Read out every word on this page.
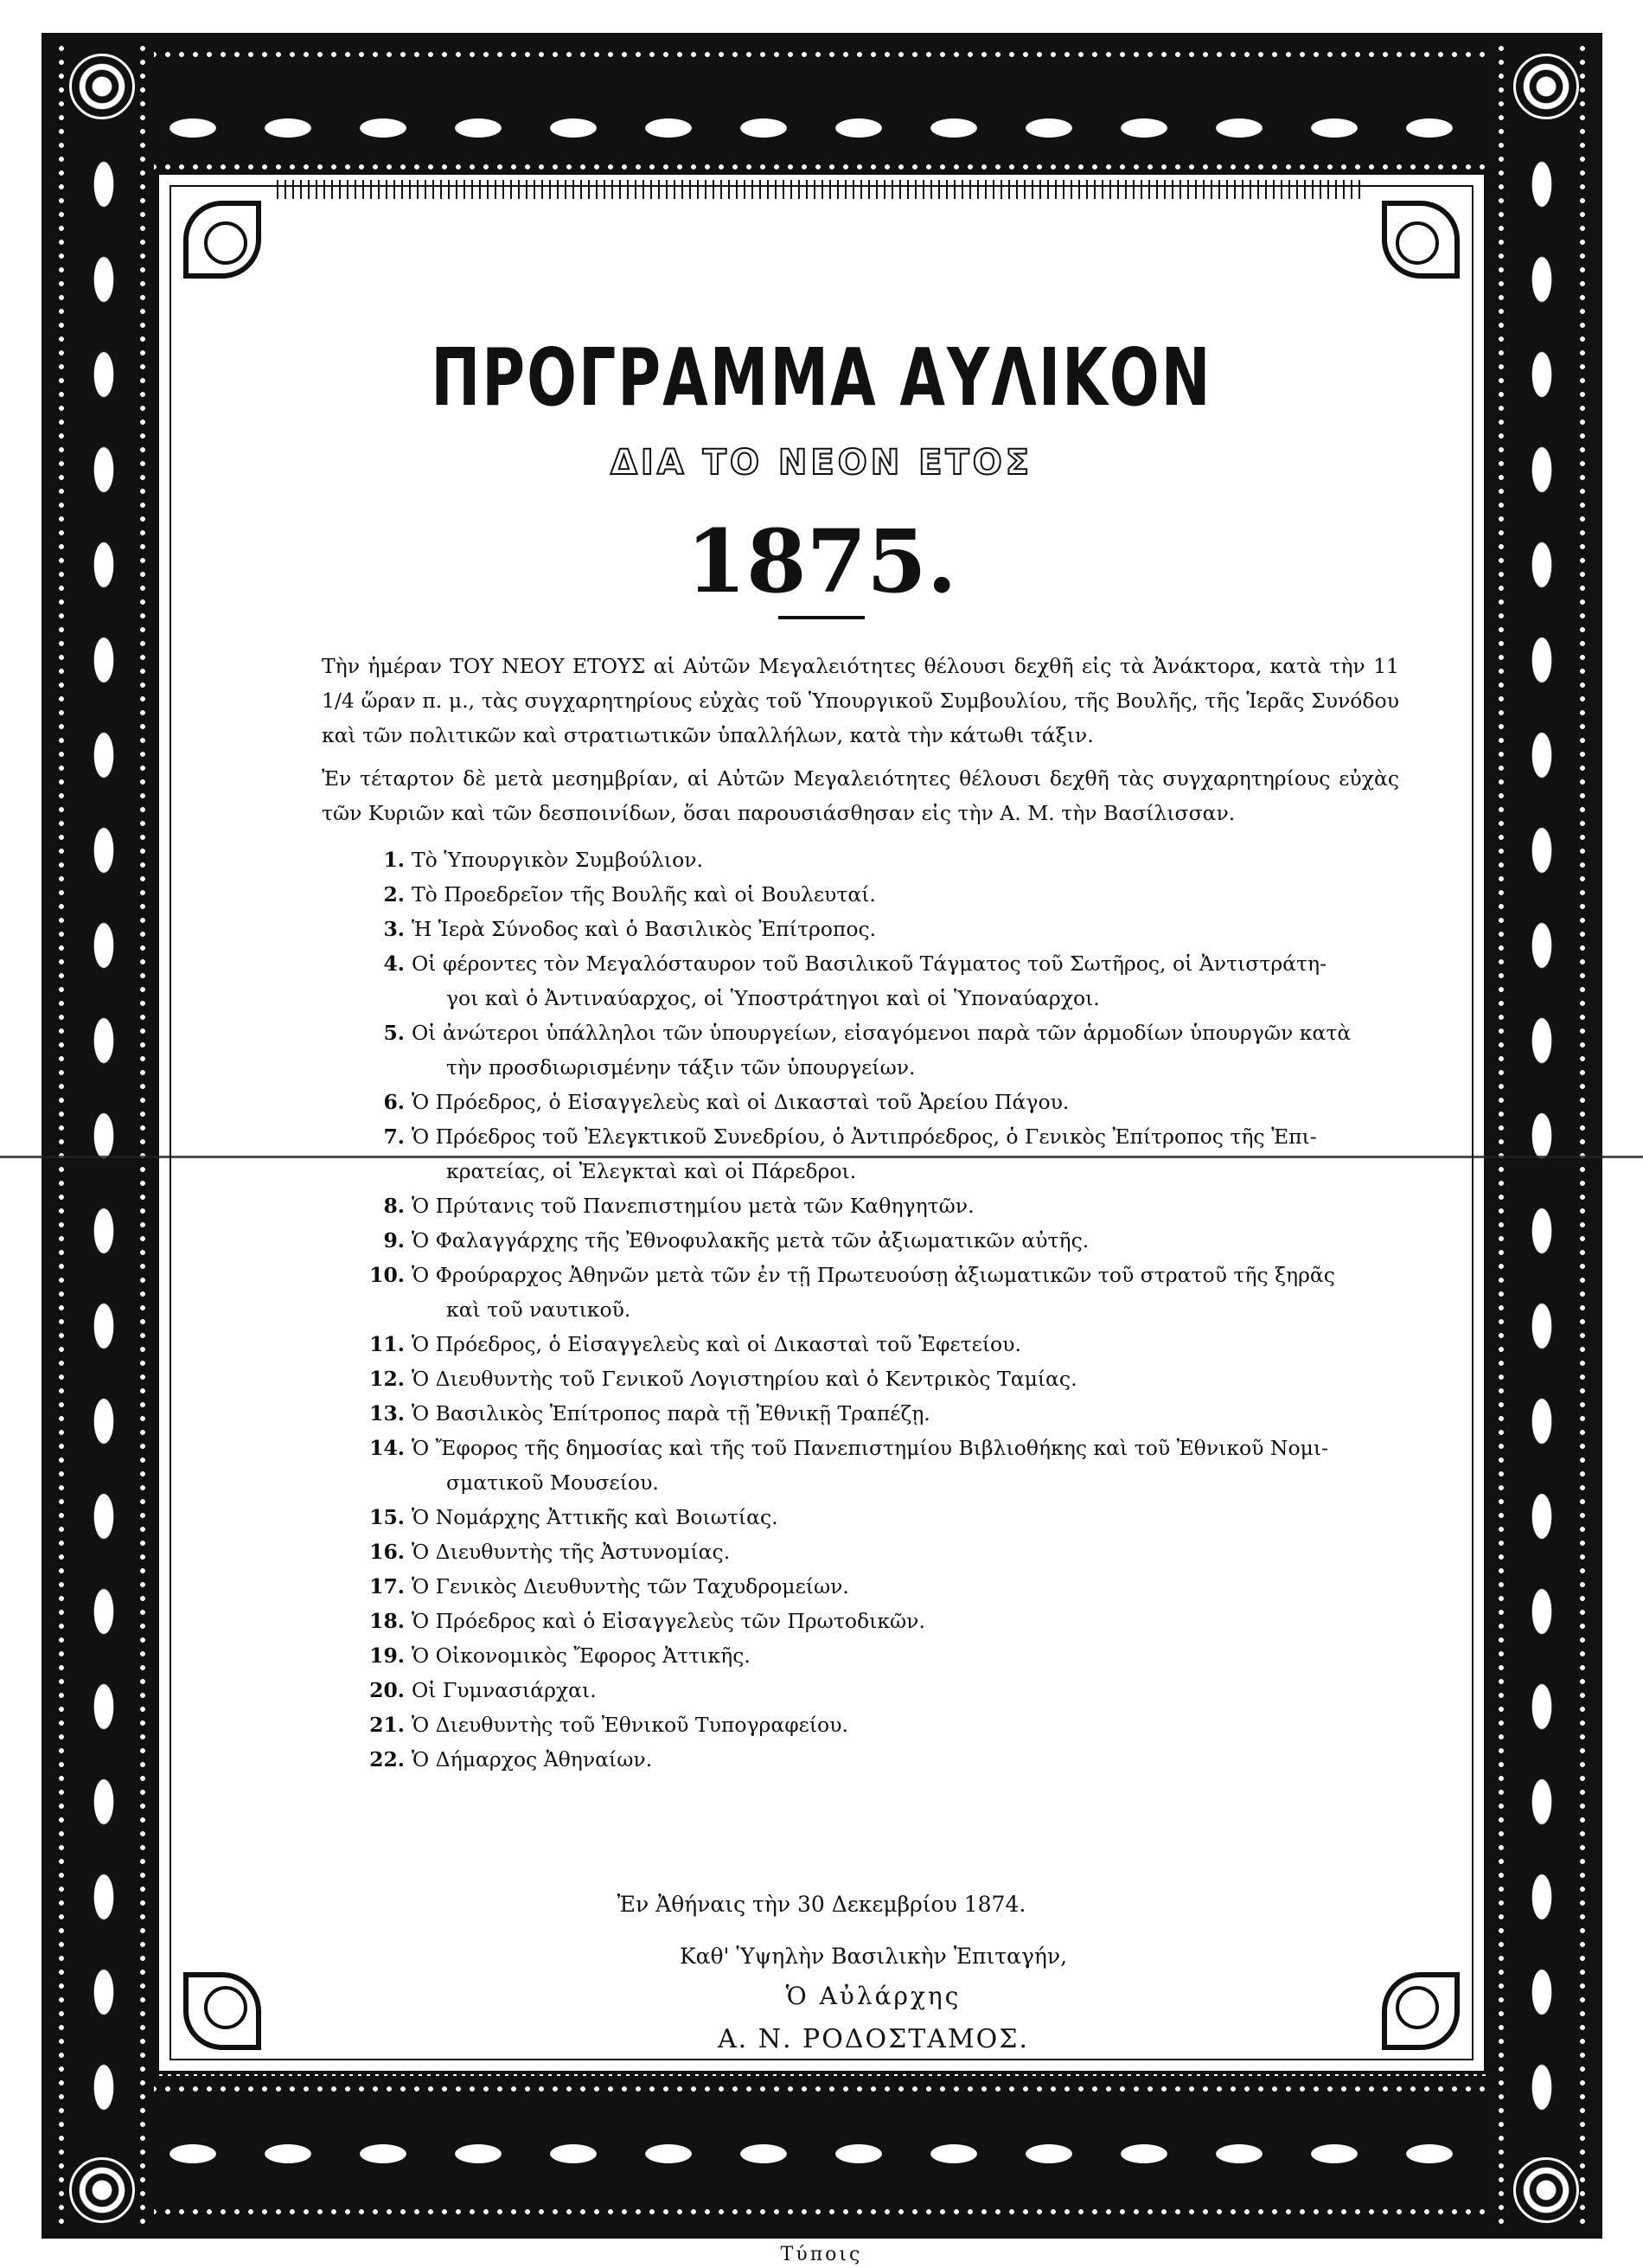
ΠΡΟΓΡΑΜΜΑ ΑΥΛΙΚΟΝ
ΔΙΑ ΤΟ ΝΕΟΝ ΕΤΟΣ
1875.
Τὴν ἡμέραν ΤΟΥ ΝΕΟΥ ΕΤΟΥΣ αἱ Αὐτῶν Μεγαλειότητες θέλουσι δεχθῆ εἰς τὰ Ἀνάκτορα, κατὰ τὴν 11 1/4 ὥραν π. μ., τὰς συγχαρητηρίους εὐχὰς τοῦ Ὑπουργικοῦ Συμβουλίου, τῆς Βουλῆς, τῆς Ἱερᾶς Συνόδου καὶ τῶν πολιτικῶν καὶ στρατιωτικῶν ὑπαλλήλων, κατὰ τὴν κάτωθι τάξιν.
Ἐν τέταρτον δὲ μετὰ μεσημβρίαν, αἱ Αὐτῶν Μεγαλειότητες θέλουσι δεχθῆ τὰς συγχαρητηρίους εὐχὰς τῶν Κυριῶν καὶ τῶν δεσποινίδων, ὅσαι παρουσιάσθησαν εἰς τὴν Α. Μ. τὴν Βασίλισσαν.
1. Τὸ Ὑπουργικὸν Συμβούλιον.
2. Τὸ Προεδρεῖον τῆς Βουλῆς καὶ οἱ Βουλευταί.
3. Ἡ Ἱερὰ Σύνοδος καὶ ὁ Βασιλικὸς Ἐπίτροπος.
4. Οἱ φέροντες τὸν Μεγαλόσταυρον τοῦ Βασιλικοῦ Τάγματος τοῦ Σωτῆρος, οἱ Ἀντιστράτη-
γοι καὶ ὁ Ἀντιναύαρχος, οἱ Ὑποστράτηγοι καὶ οἱ Ὑποναύαρχοι.
5. Οἱ ἀνώτεροι ὑπάλληλοι τῶν ὑπουργείων, εἰσαγόμενοι παρὰ τῶν ἁρμοδίων ὑπουργῶν κατὰ
τὴν προσδιωρισμένην τάξιν τῶν ὑπουργείων.
6. Ὁ Πρόεδρος, ὁ Εἰσαγγελεὺς καὶ οἱ Δικασταὶ τοῦ Ἀρείου Πάγου.
7. Ὁ Πρόεδρος τοῦ Ἐλεγκτικοῦ Συνεδρίου, ὁ Ἀντιπρόεδρος, ὁ Γενικὸς Ἐπίτροπος τῆς Ἐπι-
κρατείας, οἱ Ἐλεγκταὶ καὶ οἱ Πάρεδροι.
8. Ὁ Πρύτανις τοῦ Πανεπιστημίου μετὰ τῶν Καθηγητῶν.
9. Ὁ Φαλαγγάρχης τῆς Ἐθνοφυλακῆς μετὰ τῶν ἀξιωματικῶν αὐτῆς.
10. Ὁ Φρούραρχος Ἀθηνῶν μετὰ τῶν ἐν τῇ Πρωτευούσῃ ἀξιωματικῶν τοῦ στρατοῦ τῆς ξηρᾶς
καὶ τοῦ ναυτικοῦ.
11. Ὁ Πρόεδρος, ὁ Εἰσαγγελεὺς καὶ οἱ Δικασταὶ τοῦ Ἐφετείου.
12. Ὁ Διευθυντὴς τοῦ Γενικοῦ Λογιστηρίου καὶ ὁ Κεντρικὸς Ταμίας.
13. Ὁ Βασιλικὸς Ἐπίτροπος παρὰ τῇ Ἐθνικῇ Τραπέζῃ.
14. Ὁ Ἔφορος τῆς δημοσίας καὶ τῆς τοῦ Πανεπιστημίου Βιβλιοθήκης καὶ τοῦ Ἐθνικοῦ Νομι-
σματικοῦ Μουσείου.
15. Ὁ Νομάρχης Ἀττικῆς καὶ Βοιωτίας.
16. Ὁ Διευθυντὴς τῆς Ἀστυνομίας.
17. Ὁ Γενικὸς Διευθυντὴς τῶν Ταχυδρομείων.
18. Ὁ Πρόεδρος καὶ ὁ Εἰσαγγελεὺς τῶν Πρωτοδικῶν.
19. Ὁ Οἰκονομικὸς Ἔφορος Ἀττικῆς.
20. Οἱ Γυμνασιάρχαι.
21. Ὁ Διευθυντὴς τοῦ Ἐθνικοῦ Τυπογραφείου.
22. Ὁ Δήμαρχος Ἀθηναίων.
Ἐν Ἀθήναις τὴν 30 Δεκεμβρίου 1874.
Καθ' Ὑψηλὴν Βασιλικὴν Ἐπιταγήν,
Ὁ Αὐλάρχης
Α. Ν. ΡΟΔΟΣΤΑΜΟΣ.
Τύποις
